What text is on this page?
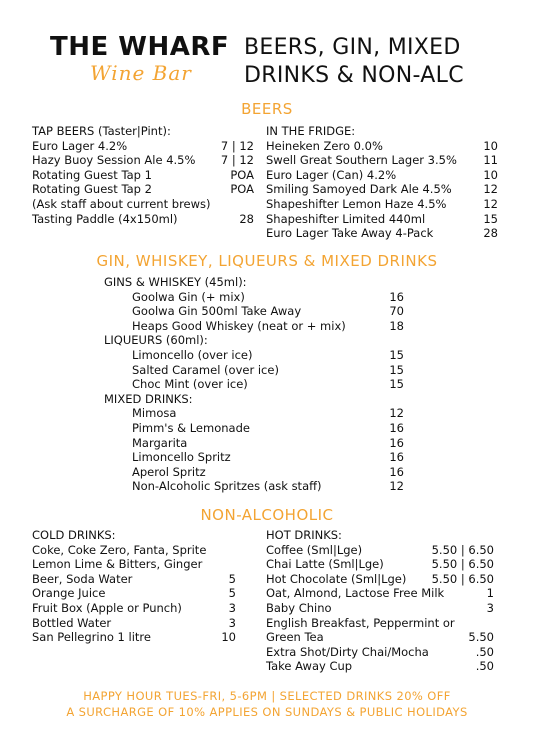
THE WHARF
Wine Bar
BEERS, GIN, MIXED
DRINKS & NON-ALC
BEERS
TAP BEERS (Taster|Pint):
Euro Lager 4.2%	7 | 12
Hazy Buoy Session Ale 4.5% 7 | 12
Rotating Guest Tap 1	POA
Rotating Guest Tap 2	POA
(Ask staff about current brews)
Tasting Paddle (4x150ml)	28
IN THE FRIDGE:
Heineken Zero 0.0%	10
Swell Great Southern Lager 3.5% 11
Euro Lager (Can) 4.2%	10
Smiling Samoyed Dark Ale 4.5%	12
Shapeshifter Lemon Haze 4.5%	12
Shapeshifter Limited 440ml	15
Euro Lager Take Away 4-Pack	28
GIN, WHISKEY, LIQUEURS & MIXED DRINKS
GINS & WHISKEY (45ml):
Goolwa Gin (+ mix)	16
Goolwa Gin 500ml Take Away	70
Heaps Good Whiskey (neat or + mix)	18
LIQUEURS (60ml):
Limoncello (over ice)	15
Salted Caramel (over ice)	15
Choc Mint (over ice)	15
MIXED DRINKS:
Mimosa	12
Pimm's & Lemonade	16
Margarita	16
Limoncello Spritz	16
Aperol Spritz	16
Non-Alcoholic Spritzes (ask staff)	12
NON-ALCOHOLIC
COLD DRINKS:
Coke, Coke Zero, Fanta, Sprite
Lemon Lime & Bitters, Ginger
Beer, Soda Water	5
Orange Juice	5
Fruit Box (Apple or Punch)	3
Bottled Water	3
San Pellegrino 1 litre	10
HOT DRINKS:
Coffee (Sml|Lge)	5.50 | 6.50
Chai Latte (Sml|Lge)	5.50 | 6.50
Hot Chocolate (Sml|Lge) 5.50 | 6.50
Oat, Almond, Lactose Free Milk	1
Baby Chino	3
English Breakfast, Peppermint or
Green Tea	5.50
Extra Shot/Dirty Chai/Mocha	.50
Take Away Cup	.50
HAPPY HOUR TUES-FRI, 5-6PM | SELECTED DRINKS 20% OFF
A SURCHARGE OF 10% APPLIES ON SUNDAYS & PUBLIC HOLIDAYS
